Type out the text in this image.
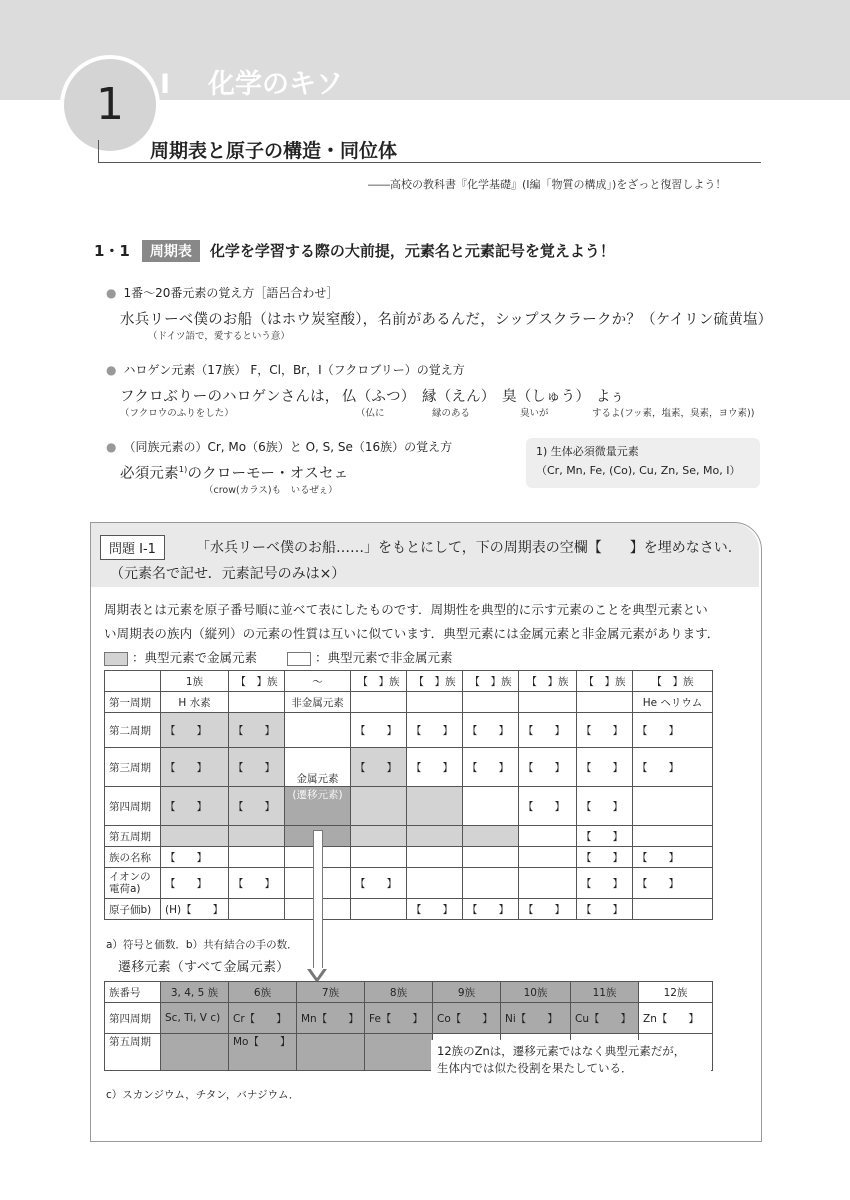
1	I 化学のキソ
周期表と原子の構造・同位体
――高校の教科書『化学基礎』(I編「物質の構成」)をざっと復習しよう！
1・1 周期表 化学を学習する際の大前提，元素名と元素記号を覚えよう！
● 1番〜20番元素の覚え方［語呂合わせ］
水兵リーベ僕のお船（はホウ炭窒酸），名前があるんだ，シップスクラークか？（ケイリン硫黄塩）
（ドイツ語で，愛するという意）
● ハロゲン元素（17族） F，Cl，Br，I（フクロブリー）の覚え方
フクロぶりーのハロゲンさんは， 仏（ふつ） 縁（えん） 臭（しゅう） よぅ
（フクロウのふりをした）	（仏に	縁のある	臭いが	するよ(フッ素，塩素，臭素，ヨウ素))
● （同族元素の）Cr, Mo（6族）と O, S, Se（16族）の覚え方
必須元素$^{1)}$のクローモー・オスセェ
（crow(カラス)も　いるぜぇ）
1) 生体必須微量元素
（Cr, Mn, Fe, (Co), Cu, Zn, Se, Mo, I）
問題 I-1	「水兵リーベ僕のお船……」をもとにして，下の周期表の空欄【　　】を埋めなさい.
（元素名で記せ．元素記号のみは×）
周期表とは元素を原子番号順に並べて表にしたものです．周期性を典型的に示す元素のことを典型元素とい
い周期表の族内（縦列）の元素の性質は互いに似ています．典型元素には金属元素と非金属元素があります．
：典型元素で金属元素	：典型元素で非金属元素
	1族	【　】族	〜	【　】族	【　】族	【　】族	【　】族	【　】族	【　】族
第一周期	H 水素		非金属元素						He ヘリウム
第二周期	【　　】	【　　】		【　　】	【　　】	【　　】	【　　】	【　　】	【　　】
第三周期	【　　】	【　　】	金属元素	【　　】	【　　】	【　　】	【　　】	【　　】	【　　】
第四周期	【　　】	【　　】	(遷移元素)				【　　】	【　　】	
第五周期								【　　】	
族の名称	【　　】							【　　】	【　　】
イオンの電荷a)	【　　】	【　　】		【　　】				【　　】	【　　】
原子価b)	(H)【　　】				【　　】	【　　】	【　　】	【　　】	
a）符号と価数．b）共有結合の手の数．
遷移元素（すべて金属元素）
族番号	3, 4, 5 族	6族	7族	8族	9族	10族	11族	12族
第四周期	Sc, Ti, V c)	Cr【　　】	Mn【　　】	Fe【　　】	Co【　　】	Ni【　　】	Cu【　　】	Zn【　　】
第五周期		Mo【　　】						
12族のZnは，遷移元素ではなく典型元素だが，
生体内では似た役割を果たしている．
c）スカンジウム，チタン，バナジウム．
